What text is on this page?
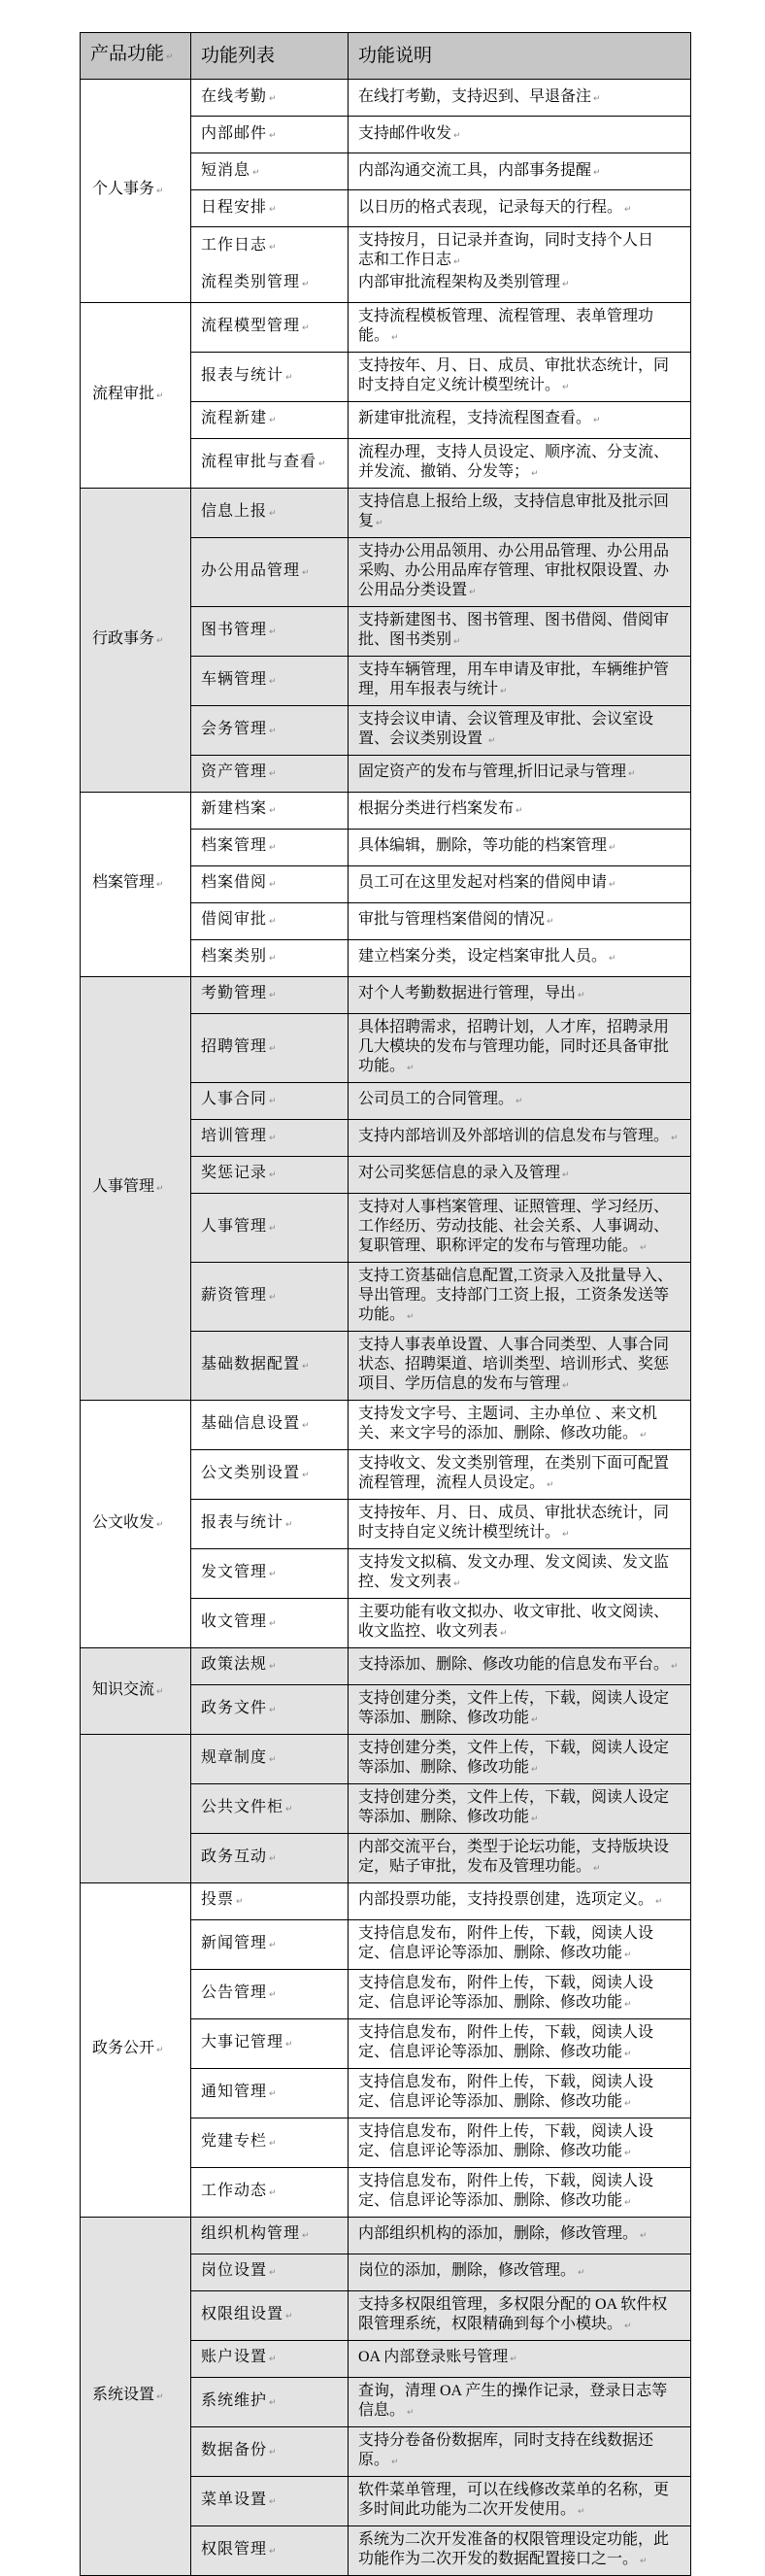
产品功能 ↵	功能列表	功能说明
个人事务 ↵	在线考勤 ↵	在线打考勤，支持迟到、早退备注 ↵
	内部邮件 ↵	支持邮件收发 ↵
	短消息 ↵	内部沟通交流工具，内部事务提醒 ↵
	日程安排 ↵	以日历的格式表现，记录每天的行程。 ↵
	工作日志 ↵	支持按月，日记录并查询，同时支持个人日
志和工作日志 ↵

	流程类别管理 ↵	内部审批流程架构及类别管理 ↵
流程审批 ↵	流程模型管理 ↵	支持流程模板管理、流程管理、表单管理功能。 ↵
	报表与统计 ↵	支持按年、月、日、成员、审批状态统计，同时支持自定义统计模型统计。 ↵
	流程新建 ↵	新建审批流程，支持流程图查看。 ↵
	流程审批与查看 ↵	流程办理，支持人员设定、顺序流、分支流、并发流、撤销、分发等； ↵
行政事务 ↵	信息上报 ↵	支持信息上报给上级，支持信息审批及批示回复 ↵
	办公用品管理 ↵	支持办公用品领用、办公用品管理、办公用品采购、办公用品库存管理、审批权限设置、办公用品分类设置 ↵
	图书管理 ↵	支持新建图书、图书管理、图书借阅、借阅审批、图书类别 ↵
	车辆管理 ↵	支持车辆管理，用车申请及审批，车辆维护管理，用车报表与统计 ↵
	会务管理 ↵	支持会议申请、会议管理及审批、会议室设置、会议类别设置 ↵
	资产管理 ↵	固定资产的发布与管理,折旧记录与管理 ↵
档案管理 ↵	新建档案 ↵	根据分类进行档案发布 ↵
	档案管理 ↵	具体编辑，删除，等功能的档案管理 ↵
	档案借阅 ↵	员工可在这里发起对档案的借阅申请 ↵
	借阅审批 ↵	审批与管理档案借阅的情况 ↵
	档案类别 ↵	建立档案分类，设定档案审批人员。 ↵
人事管理 ↵	考勤管理 ↵	对个人考勤数据进行管理，导出 ↵
	招聘管理 ↵	具体招聘需求，招聘计划，人才库，招聘录用几大模块的发布与管理功能，同时还具备审批功能。 ↵
	人事合同 ↵	公司员工的合同管理。 ↵
	培训管理 ↵	支持内部培训及外部培训的信息发布与管理。 ↵
	奖惩记录 ↵	对公司奖惩信息的录入及管理 ↵
	人事管理 ↵	支持对人事档案管理、证照管理、学习经历、工作经历、劳动技能、社会关系、人事调动、复职管理、职称评定的发布与管理功能。 ↵
	薪资管理 ↵	支持工资基础信息配置,工资录入及批量导入、导出管理。支持部门工资上报，工资条发送等功能。 ↵
	基础数据配置 ↵	支持人事表单设置、人事合同类型、人事合同状态、招聘渠道、培训类型、培训形式、奖惩项目、学历信息的发布与管理 ↵
公文收发 ↵	基础信息设置 ↵	支持发文字号、主题词、主办单位 、来文机关、来文字号的添加、删除、修改功能。 ↵
	公文类别设置 ↵	支持收文、发文类别管理，在类别下面可配置流程管理，流程人员设定。 ↵
	报表与统计 ↵	支持按年、月、日、成员、审批状态统计，同时支持自定义统计模型统计。 ↵
	发文管理 ↵	支持发文拟稿、发文办理、发文阅读、发文监控、发文列表 ↵
	收文管理 ↵	主要功能有收文拟办、收文审批、收文阅读、收文监控、收文列表 ↵
知识交流 ↵	政策法规 ↵	支持添加、删除、修改功能的信息发布平台。 ↵
	政务文件 ↵	支持创建分类，文件上传，下载，阅读人设定等添加、删除、修改功能 ↵
	规章制度 ↵	支持创建分类，文件上传，下载，阅读人设定等添加、删除、修改功能 ↵
	公共文件柜 ↵	支持创建分类，文件上传，下载，阅读人设定等添加、删除、修改功能 ↵
	政务互动 ↵	内部交流平台，类型于论坛功能，支持版块设定，贴子审批，发布及管理功能。 ↵
政务公开 ↵	投票 ↵	内部投票功能，支持投票创建，选项定义。 ↵
	新闻管理 ↵	支持信息发布，附件上传，下载，阅读人设定、信息评论等添加、删除、修改功能 ↵
	公告管理 ↵	支持信息发布，附件上传，下载，阅读人设定、信息评论等添加、删除、修改功能 ↵
	大事记管理 ↵	支持信息发布，附件上传，下载，阅读人设定、信息评论等添加、删除、修改功能 ↵
	通知管理 ↵	支持信息发布，附件上传，下载，阅读人设定、信息评论等添加、删除、修改功能 ↵
	党建专栏 ↵	支持信息发布，附件上传，下载，阅读人设定、信息评论等添加、删除、修改功能 ↵
	工作动态 ↵	支持信息发布，附件上传，下载，阅读人设定、信息评论等添加、删除、修改功能 ↵
系统设置 ↵	组织机构管理 ↵	内部组织机构的添加，删除，修改管理。 ↵
	岗位设置 ↵	岗位的添加，删除，修改管理。 ↵
	权限组设置 ↵	支持多权限组管理，多权限分配的 OA 软件权限管理系统，权限精确到每个小模块。 ↵
	账户设置 ↵	OA 内部登录账号管理 ↵
	系统维护 ↵	查询，清理 OA 产生的操作记录，登录日志等信息。 ↵
	数据备份 ↵	支持分卷备份数据库，同时支持在线数据还原。 ↵
	菜单设置 ↵	软件菜单管理，可以在线修改菜单的名称，更多时间此功能为二次开发使用。 ↵
	权限管理 ↵	系统为二次开发准备的权限管理设定功能，此功能作为二次开发的数据配置接口之一。 ↵
